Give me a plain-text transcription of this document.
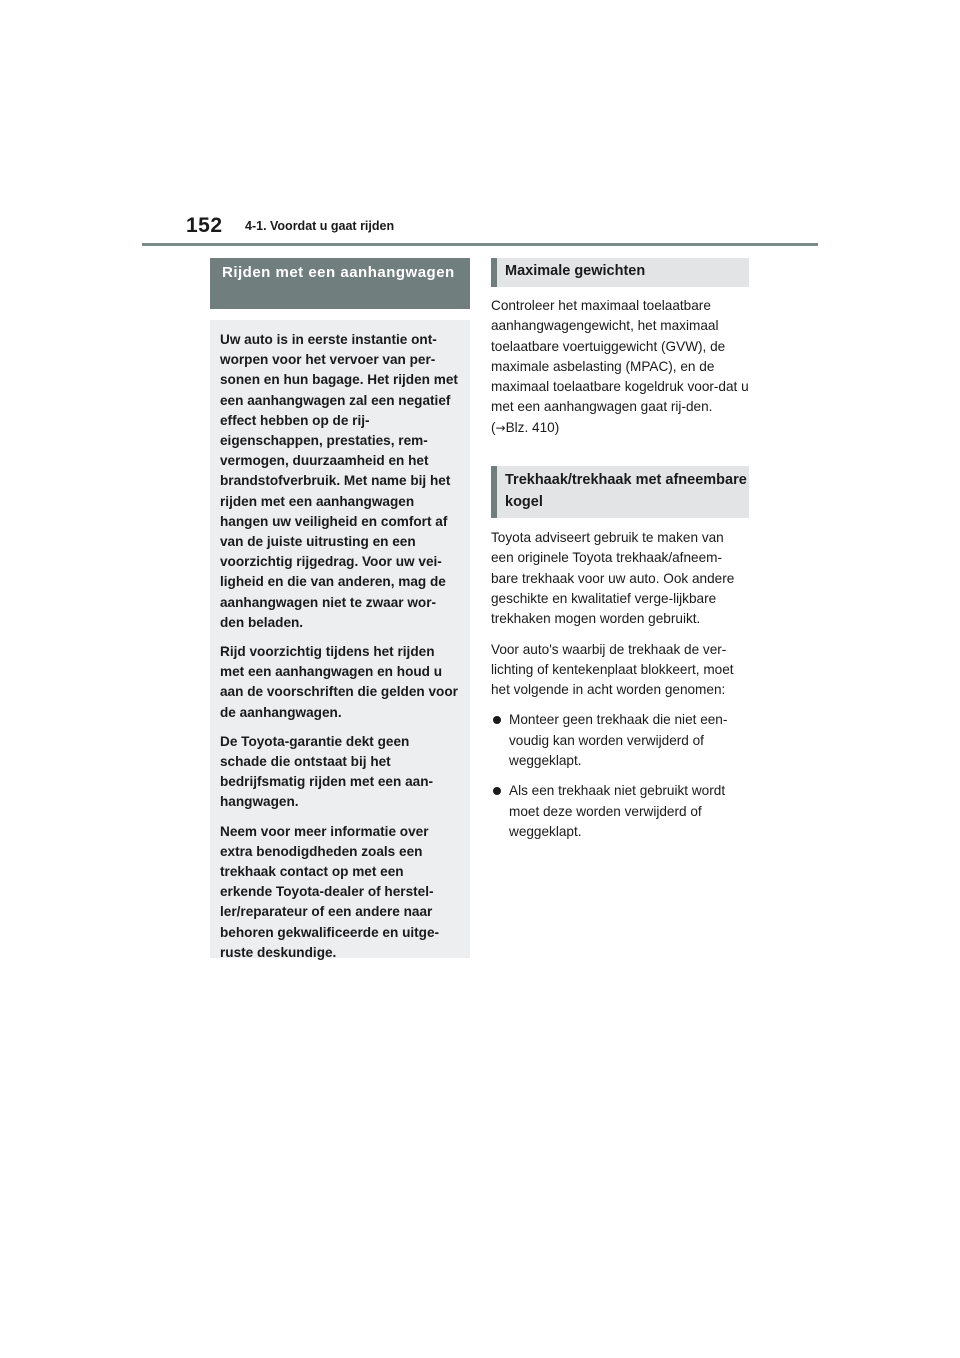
152 4-1. Voordat u gaat rijden
Rijden met een aanhangwagen

Uw auto is in eerste instantie ont-worpen voor het vervoer van per-sonen en hun bagage. Het rijden met een aanhangwagen zal een negatief effect hebben op de rij-eigenschappen, prestaties, rem-vermogen, duurzaamheid en het brandstofverbruik. Met name bij het rijden met een aanhangwagen hangen uw veiligheid en comfort af van de juiste uitrusting en een voorzichtig rijgedrag. Voor uw vei-ligheid en die van anderen, mag de aanhangwagen niet te zwaar wor-den beladen.

Rijd voorzichtig tijdens het rijden met een aanhangwagen en houd u aan de voorschriften die gelden voor de aanhangwagen.

De Toyota-garantie dekt geen schade die ontstaat bij het bedrijfsmatig rijden met een aan-hangwagen.

Neem voor meer informatie over extra benodigdheden zoals een trekhaak contact op met een erkende Toyota-dealer of herstel-ler/reparateur of een andere naar behoren gekwalificeerde en uitge-ruste deskundige.

Maximale gewichten

Controleer het maximaal toelaatbare aanhangwagengewicht, het maximaal toelaatbare voertuiggewicht (GVW), de maximale asbelasting (MPAC), en de maximaal toelaatbare kogeldruk voor-dat u met een aanhangwagen gaat rij-den. (→Blz. 410)

Trekhaak/trekhaak met afneembare kogel

Toyota adviseert gebruik te maken van een originele Toyota trekhaak/afneem-bare trekhaak voor uw auto. Ook andere geschikte en kwalitatief verge-lijkbare trekhaken mogen worden gebruikt.

Voor auto's waarbij de trekhaak de ver-lichting of kentekenplaat blokkeert, moet het volgende in acht worden genomen:

Monteer geen trekhaak die niet een-voudig kan worden verwijderd of weggeklapt.
Als een trekhaak niet gebruikt wordt moet deze worden verwijderd of weggeklapt.
